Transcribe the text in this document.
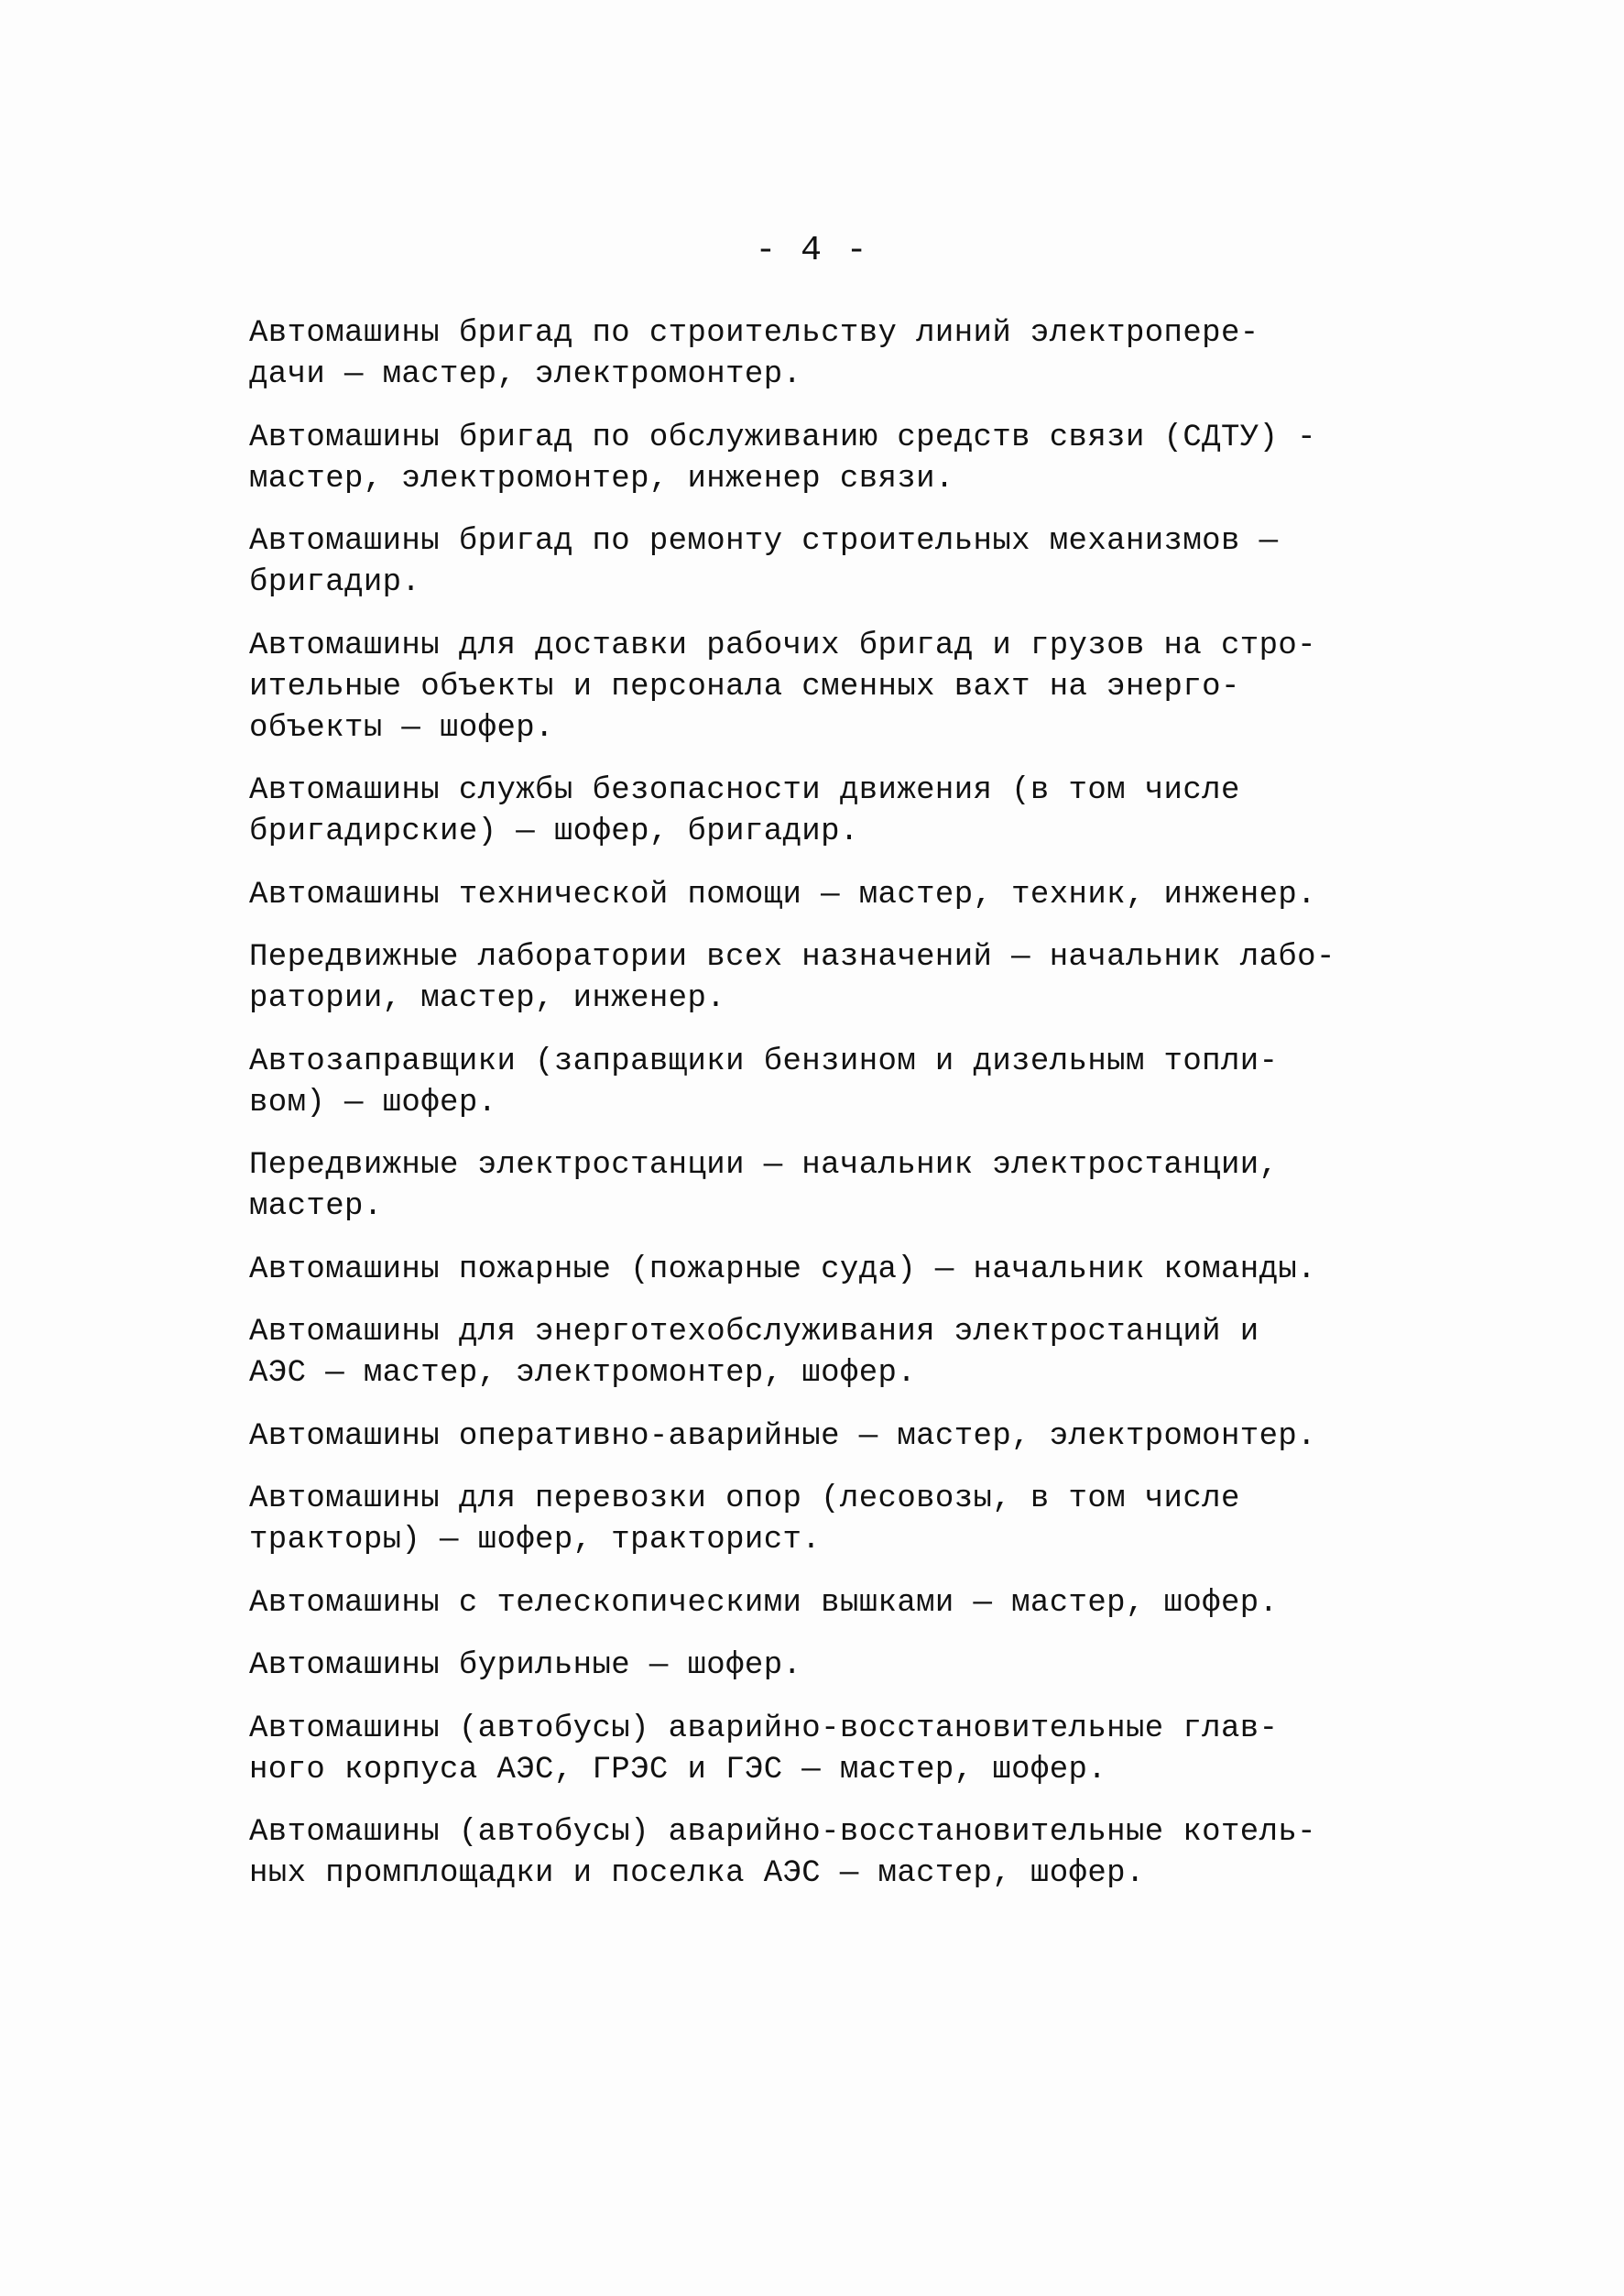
- 4 -
Автомашины бригад по строительству линий электропере-
дачи — мастер, электромонтер.
Автомашины бригад по обслуживанию средств связи (СДТУ) -
мастер, электромонтер, инженер связи.
Автомашины бригад по ремонту строительных механизмов —
бригадир.
Автомашины для доставки рабочих бригад и грузов на стро-
ительные объекты и персонала сменных вахт на энерго-
объекты — шофер.
Автомашины службы безопасности движения (в том числе
бригадирские) — шофер, бригадир.
Автомашины технической помощи — мастер, техник, инженер.
Передвижные лаборатории всех назначений — начальник лабо-
ратории, мастер, инженер.
Автозаправщики (заправщики бензином и дизельным топли-
вом) — шофер.
Передвижные электростанции — начальник электростанции,
мастер.
Автомашины пожарные (пожарные суда) — начальник команды.
Автомашины для энерготехобслуживания электростанций и
АЭС — мастер, электромонтер, шофер.
Автомашины оперативно-аварийные — мастер, электромонтер.
Автомашины для перевозки опор (лесовозы, в том числе
тракторы) — шофер, тракторист.
Автомашины с телескопическими вышками — мастер, шофер.
Автомашины бурильные — шофер.
Автомашины (автобусы) аварийно-восстановительные глав-
ного корпуса АЭС, ГРЭС и ГЭС — мастер, шофер.
Автомашины (автобусы) аварийно-восстановительные котель-
ных промплощадки и поселка АЭС — мастер, шофер.
